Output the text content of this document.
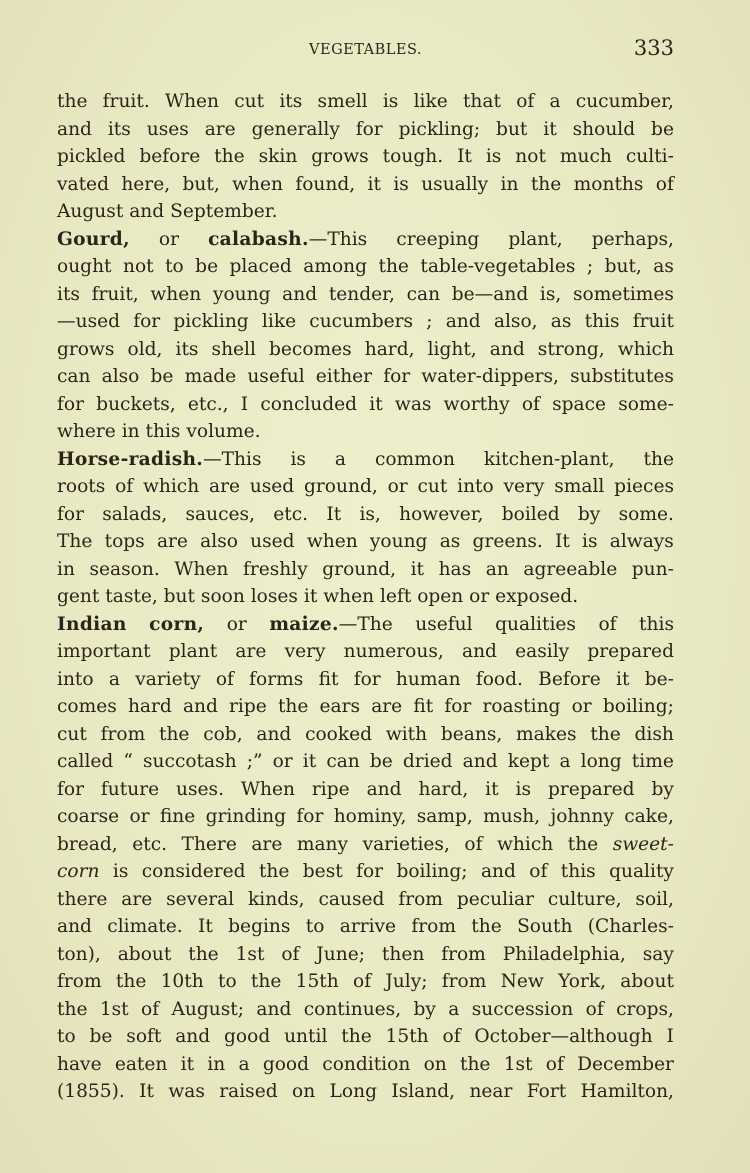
VEGETABLES.	333
the fruit. When cut its smell is like that of a cucumber,
and its uses are generally for pickling; but it should be
pickled before the skin grows tough. It is not much culti-
vated here, but, when found, it is usually in the months of
August and September.
Gourd, or calabash.—This creeping plant, perhaps,
ought not to be placed among the table-vegetables ; but, as
its fruit, when young and tender, can be—and is, sometimes
—used for pickling like cucumbers ; and also, as this fruit
grows old, its shell becomes hard, light, and strong, which
can also be made useful either for water-dippers, substitutes
for buckets, etc., I concluded it was worthy of space some-
where in this volume.
Horse-radish.—This is a common kitchen-plant, the
roots of which are used ground, or cut into very small pieces
for salads, sauces, etc. It is, however, boiled by some.
The tops are also used when young as greens. It is always
in season. When freshly ground, it has an agreeable pun-
gent taste, but soon loses it when left open or exposed.
Indian corn, or maize.—The useful qualities of this
important plant are very numerous, and easily prepared
into a variety of forms fit for human food. Before it be-
comes hard and ripe the ears are fit for roasting or boiling;
cut from the cob, and cooked with beans, makes the dish
called “ succotash ;” or it can be dried and kept a long time
for future uses. When ripe and hard, it is prepared by
coarse or fine grinding for hominy, samp, mush, johnny cake,
bread, etc. There are many varieties, of which the sweet-
corn is considered the best for boiling; and of this quality
there are several kinds, caused from peculiar culture, soil,
and climate. It begins to arrive from the South (Charles-
ton), about the 1st of June; then from Philadelphia, say
from the 10th to the 15th of July; from New York, about
the 1st of August; and continues, by a succession of crops,
to be soft and good until the 15th of October—although I
have eaten it in a good condition on the 1st of December
(1855). It was raised on Long Island, near Fort Hamilton,
